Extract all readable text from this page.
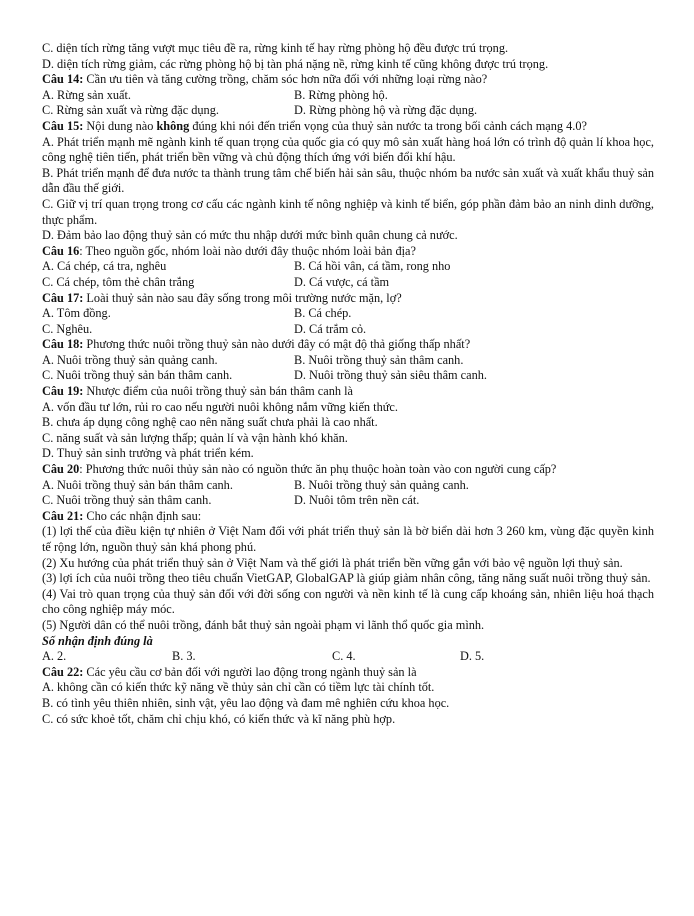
C. diện tích rừng tăng vượt mục tiêu đề ra, rừng kinh tế hay rừng phòng hộ đều được trú trọng.
D. diện tích rừng giảm, các rừng phòng hộ bị tàn phá nặng nề, rừng kinh tế cũng không được trú trọng.
Câu 14: Cần ưu tiên và tăng cường trồng, chăm sóc hơn nữa đối với những loại rừng nào?
A. Rừng sản xuất.	B. Rừng phòng hộ.
C. Rừng sản xuất và rừng đặc dụng.	D. Rừng phòng hộ và rừng đặc dụng.
Câu 15: Nội dung nào không đúng khi nói đến triển vọng của thuỷ sản nước ta trong bối cảnh cách mạng 4.0?
A. Phát triển mạnh mẽ ngành kinh tế quan trọng của quốc gia có quy mô sản xuất hàng hoá lớn có trình độ quản lí khoa học, công nghệ tiên tiến, phát triển bền vững và chủ động thích ứng với biến đổi khí hậu.
B. Phát triển mạnh để đưa nước ta thành trung tâm chế biến hải sản sâu, thuộc nhóm ba nước sản xuất và xuất khẩu thuỷ sản dẫn đầu thế giới.
C. Giữ vị trí quan trọng trong cơ cấu các ngành kinh tế nông nghiệp và kinh tế biển, góp phần đảm bảo an ninh dinh dưỡng, thực phẩm.
D. Đảm bảo lao động thuỷ sản có mức thu nhập dưới mức bình quân chung cả nước.
Câu 16: Theo nguồn gốc, nhóm loài nào dưới đây thuộc nhóm loài bản địa?
A. Cá chép, cá tra, nghêu	B. Cá hồi vân, cá tầm, rong nho
C. Cá chép, tôm thẻ chân trắng	D. Cá vược, cá tầm
Câu 17: Loài thuỷ sản nào sau đây sống trong môi trường nước mặn, lợ?
A. Tôm đồng.	B. Cá chép.
C. Nghêu.	D. Cá trắm cỏ.
Câu 18: Phương thức nuôi trồng thuỷ sản nào dưới đây có mật độ thả giống thấp nhất?
A. Nuôi trồng thuỷ sản quảng canh.	B. Nuôi trồng thuỷ sản thâm canh.
C. Nuôi trồng thuỷ sản bán thâm canh.	D. Nuôi trồng thuỷ sản siêu thâm canh.
Câu 19: Nhược điểm của nuôi trồng thuỷ sản bán thâm canh là
A. vốn đầu tư lớn, rủi ro cao nếu người nuôi không nắm vững kiến thức.
B. chưa áp dụng công nghệ cao nên năng suất chưa phải là cao nhất.
C. năng suất và sản lượng thấp; quản lí và vận hành khó khăn.
D. Thuỷ sản sinh trưởng và phát triển kém.
Câu 20: Phương thức nuôi thủy sản nào có nguồn thức ăn phụ thuộc hoàn toàn vào con người cung cấp?
A. Nuôi trồng thuỷ sản bán thâm canh.	B. Nuôi trồng thuỷ sản quảng canh.
C. Nuôi trồng thuỷ sản thâm canh.	D. Nuôi tôm trên nền cát.
Câu 21: Cho các nhận định sau:
(1) lợi thế của điều kiện tự nhiên ở Việt Nam đối với phát triển thuỷ sản là bờ biển dài hơn 3 260 km, vùng đặc quyền kinh tế rộng lớn, nguồn thuỷ sản khá phong phú.
(2) Xu hướng của phát triển thuỷ sản ở Việt Nam và thế giới là phát triển bền vững gắn với bảo vệ nguồn lợi thuỷ sản.
(3) lợi ích của nuôi trồng theo tiêu chuẩn VietGAP, GlobalGAP là giúp giảm nhân công, tăng năng suất nuôi trồng thuỷ sản.
(4) Vai trò quan trọng của thuỷ sản đối với đời sống con người và nền kinh tế là cung cấp khoáng sản, nhiên liệu hoá thạch cho công nghiệp máy móc.
(5) Người dân có thể nuôi trồng, đánh bắt thuỷ sản ngoài phạm vi lãnh thổ quốc gia mình.
Số nhận định đúng là
A. 2.	B. 3.	C. 4.	D. 5.
Câu 22: Các yêu cầu cơ bản đối với người lao động trong ngành thuỷ sản là
A. không cần có kiến thức kỹ năng về thủy sản chỉ cần có tiềm lực tài chính tốt.
B. có tình yêu thiên nhiên, sinh vật, yêu lao động và đam mê nghiên cứu khoa học.
C. có sức khoẻ tốt, chăm chỉ chịu khó, có kiến thức và kĩ năng phù hợp.
